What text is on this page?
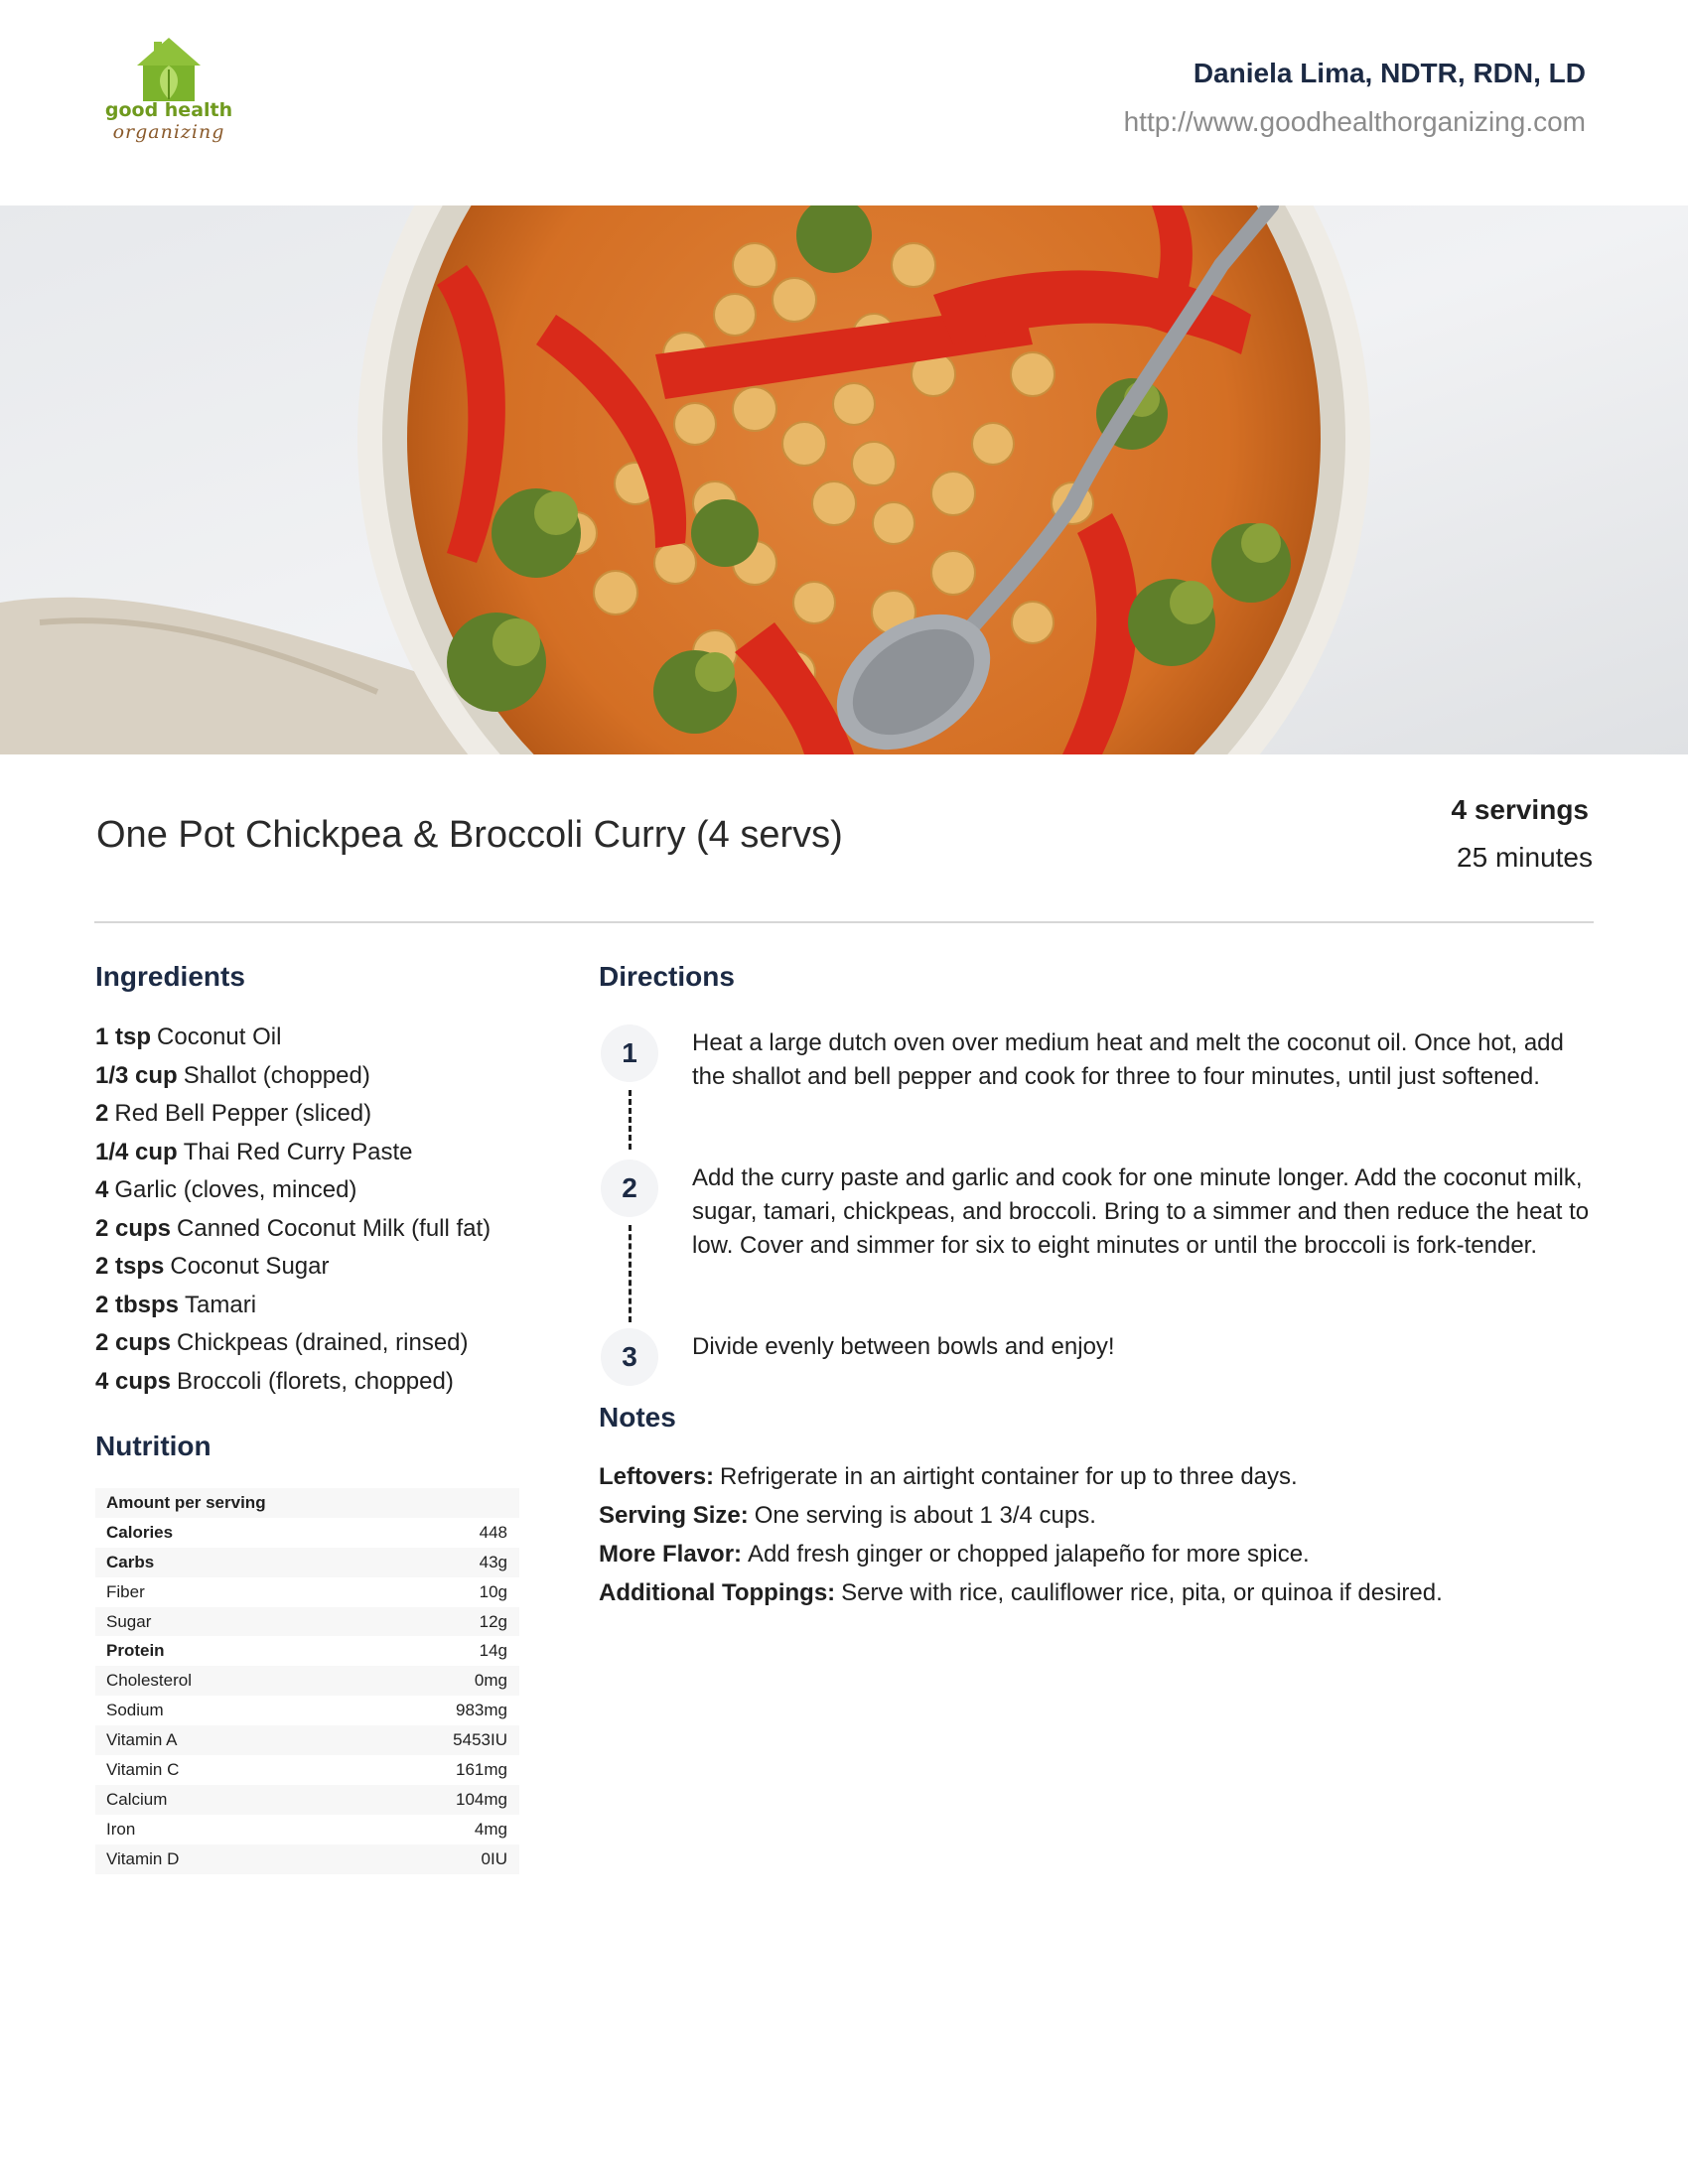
good health
organizing
Daniela Lima, NDTR, RDN, LD
http://www.goodhealthorganizing.com
One Pot Chickpea & Broccoli Curry (4 servs)
4 servings
25 minutes
Ingredients
1 tsp Coconut Oil
1/3 cup Shallot (chopped)
2 Red Bell Pepper (sliced)
1/4 cup Thai Red Curry Paste
4 Garlic (cloves, minced)
2 cups Canned Coconut Milk (full fat)
2 tsps Coconut Sugar
2 tbsps Tamari
2 cups Chickpeas (drained, rinsed)
4 cups Broccoli (florets, chopped)
Nutrition
Amount per serving
Calories	448
Carbs	43g
Fiber	10g
Sugar	12g
Protein	14g
Cholesterol	0mg
Sodium	983mg
Vitamin A	5453IU
Vitamin C	161mg
Calcium	104mg
Iron	4mg
Vitamin D	0IU
Directions
1	Heat a large dutch oven over medium heat and melt the coconut oil. Once hot, add the shallot and bell pepper and cook for three to four minutes, until just softened.
2	Add the curry paste and garlic and cook for one minute longer. Add the coconut milk, sugar, tamari, chickpeas, and broccoli. Bring to a simmer and then reduce the heat to low. Cover and simmer for six to eight minutes or until the broccoli is fork-tender.
3	Divide evenly between bowls and enjoy!
Notes
Leftovers: Refrigerate in an airtight container for up to three days.
Serving Size: One serving is about 1 3/4 cups.
More Flavor: Add fresh ginger or chopped jalapeño for more spice.
Additional Toppings: Serve with rice, cauliflower rice, pita, or quinoa if desired.
